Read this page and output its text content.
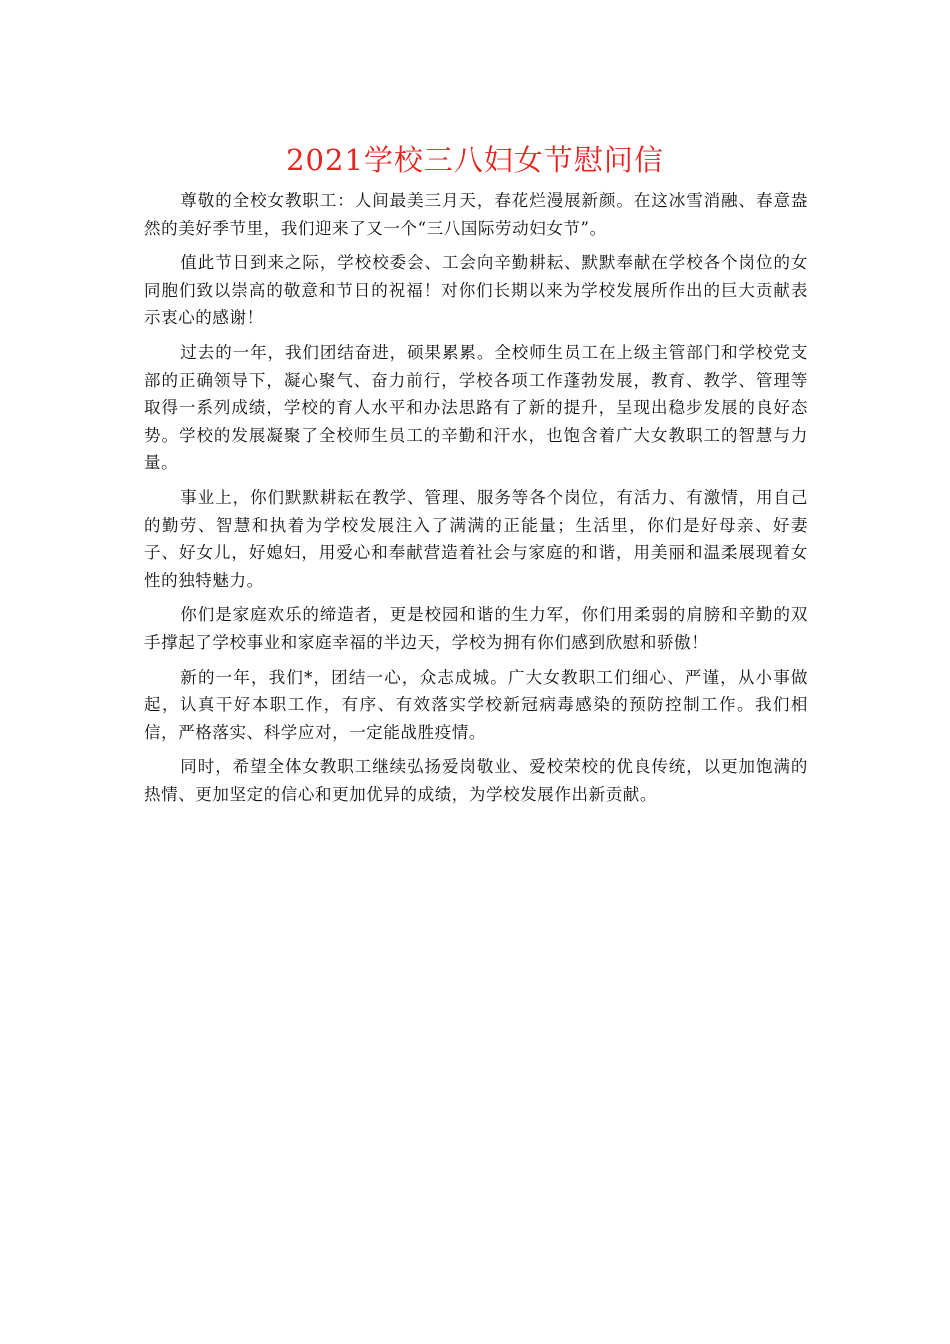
2021学校三八妇女节慰问信

尊敬的全校女教职工：人间最美三月天，春花烂漫展新颜。在这冰雪消融、春意盎然的美好季节里，我们迎来了又一个“三八国际劳动妇女节”。

值此节日到来之际，学校校委会、工会向辛勤耕耘、默默奉献在学校各个岗位的女同胞们致以崇高的敬意和节日的祝福！对你们长期以来为学校发展所作出的巨大贡献表示衷心的感谢！

过去的一年，我们团结奋进，硕果累累。全校师生员工在上级主管部门和学校党支部的正确领导下，凝心聚气、奋力前行，学校各项工作蓬勃发展，教育、教学、管理等取得一系列成绩，学校的育人水平和办法思路有了新的提升，呈现出稳步发展的良好态势。学校的发展凝聚了全校师生员工的辛勤和汗水，也饱含着广大女教职工的智慧与力量。

事业上，你们默默耕耘在教学、管理、服务等各个岗位，有活力、有激情，用自己的勤劳、智慧和执着为学校发展注入了满满的正能量；生活里，你们是好母亲、好妻子、好女儿，好媳妇，用爱心和奉献营造着社会与家庭的和谐，用美丽和温柔展现着女性的独特魅力。

你们是家庭欢乐的缔造者，更是校园和谐的生力军，你们用柔弱的肩膀和辛勤的双手撑起了学校事业和家庭幸福的半边天，学校为拥有你们感到欣慰和骄傲！

新的一年，我们*，团结一心，众志成城。广大女教职工们细心、严谨，从小事做起，认真干好本职工作，有序、有效落实学校新冠病毒感染的预防控制工作。我们相信，严格落实、科学应对，一定能战胜疫情。

同时，希望全体女教职工继续弘扬爱岗敬业、爱校荣校的优良传统，以更加饱满的热情、更加坚定的信心和更加优异的成绩，为学校发展作出新贡献。
